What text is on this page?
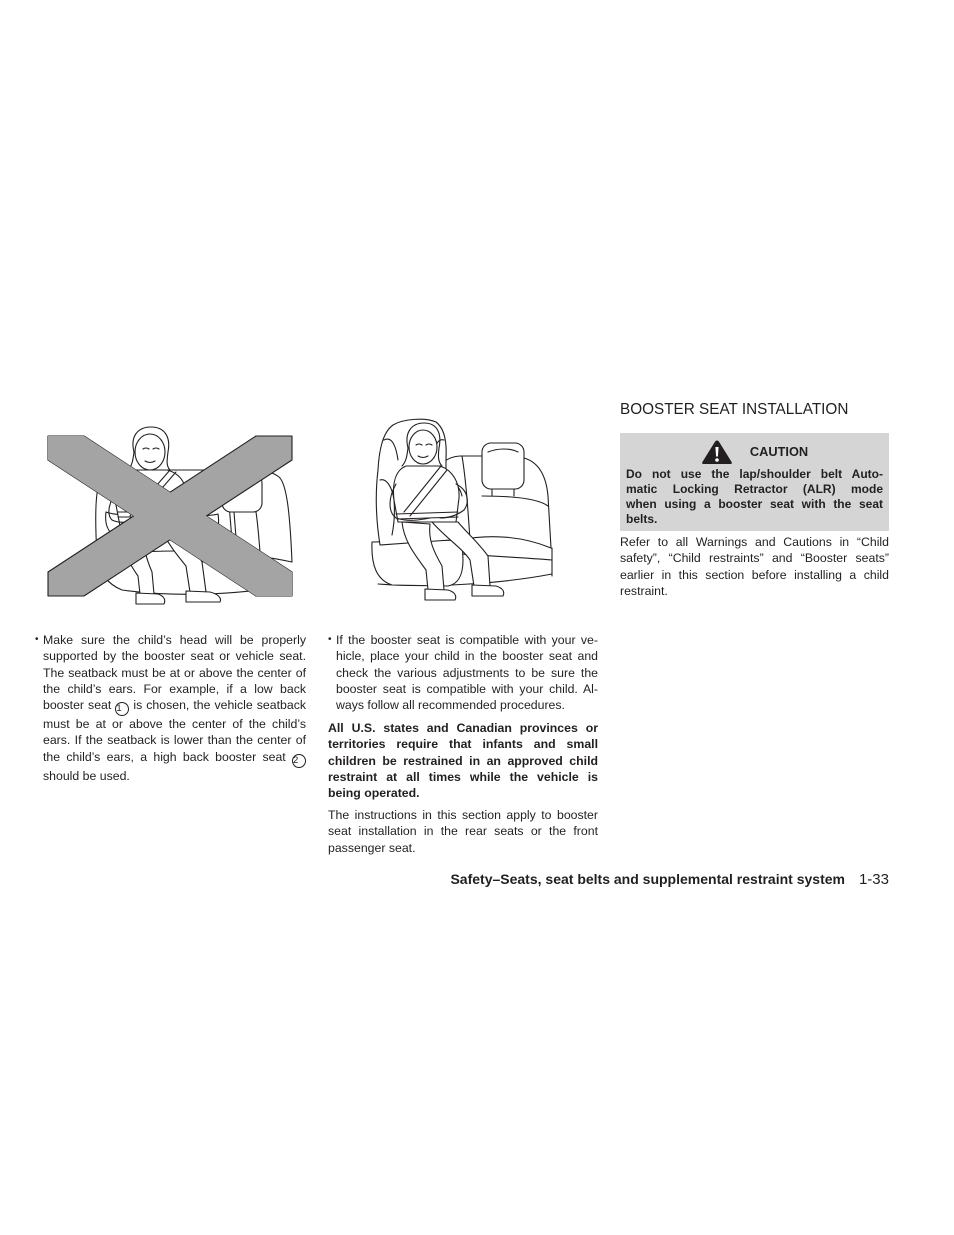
• Make sure the child’s head will be properly
supported by the booster seat or vehicle seat.
The seatback must be at or above the center of
the child’s ears. For example, if a low back
booster seat 1 is chosen, the vehicle seatback
must be at or above the center of the child’s
ears. If the seatback is lower than the center of
the child’s ears, a high back booster seat 2
should be used.
• If the booster seat is compatible with your ve-
hicle, place your child in the booster seat and
check the various adjustments to be sure the
booster seat is compatible with your child. Al-
ways follow all recommended procedures.
All U.S. states and Canadian provinces or
territories require that infants and small
children be restrained in an approved child
restraint at all times while the vehicle is
being operated.
The instructions in this section apply to booster
seat installation in the rear seats or the front
passenger seat.
BOOSTER SEAT INSTALLATION
CAUTION
Do not use the lap/shoulder belt Auto-
matic Locking Retractor (ALR) mode
when using a booster seat with the seat
belts.
Refer to all Warnings and Cautions in “Child
safety”, “Child restraints” and “Booster seats”
earlier in this section before installing a child
restraint.
Safety–Seats, seat belts and supplemental restraint system 1-33
